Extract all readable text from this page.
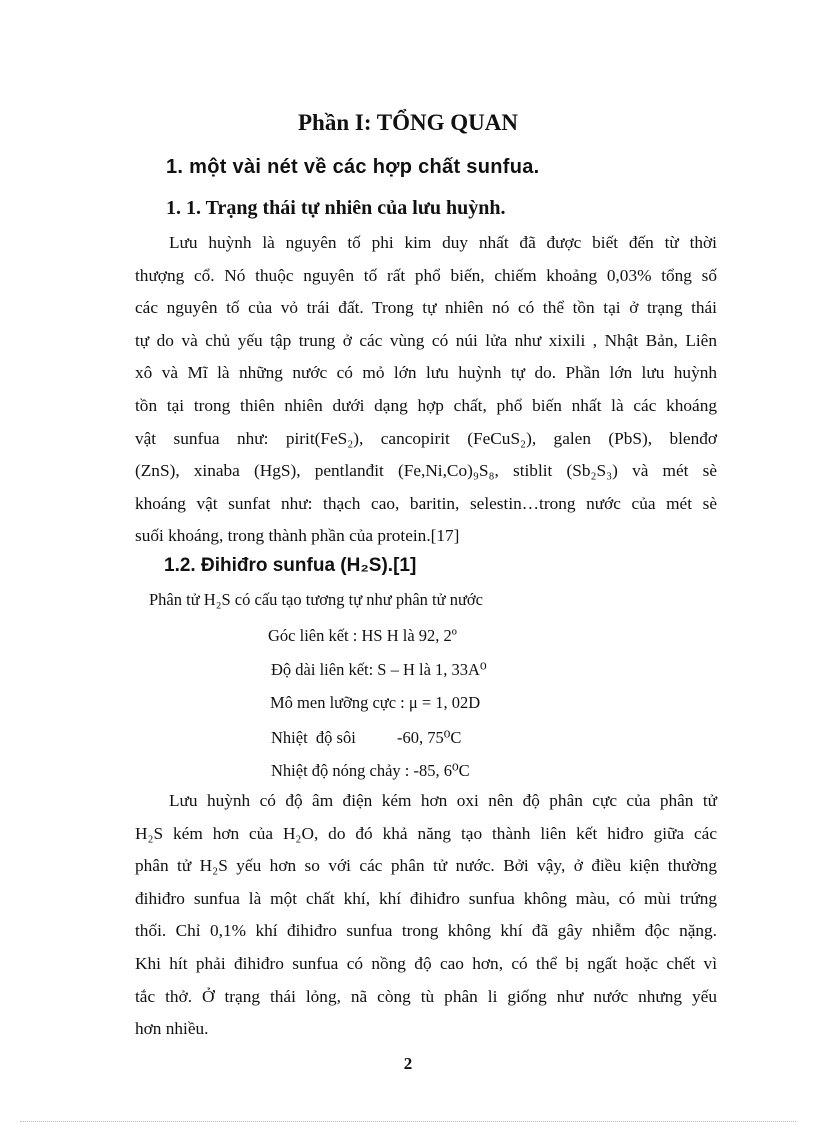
Phần I: TỔNG QUAN
1. một vài nét về các hợp chất sunfua.
1. 1. Trạng thái tự nhiên của lưu huỳnh.
Lưu huỳnh là nguyên tố phi kim duy nhất đã được biết đến từ thời
thượng cổ. Nó thuộc nguyên tố rất phổ biến, chiếm khoảng 0,03% tổng số
các nguyên tố của vỏ trái đất. Trong tự nhiên nó có thể tồn tại ở trạng thái
tự do và chủ yếu tập trung ở các vùng có núi lửa như xixili , Nhật Bản, Liên
xô và Mĩ là những nước có mỏ lớn lưu huỳnh tự do. Phần lớn lưu huỳnh
tồn tại trong thiên nhiên dưới dạng hợp chất, phổ biến nhất là các khoáng
vật sunfua như: pirit(FeS₂), cancopirit (FeCuS₂), galen (PbS), blenđơ
(ZnS), xinaba (HgS), pentlanđit (Fe,Ni,Co)₉S₈, stiblit (Sb₂S₃) và mét sè
khoáng vật sunfat như: thạch cao, baritin, selestin…trong nước của mét sè
suối khoáng, trong thành phần của protein.[17]
1.2. Đihiđro sunfua (H₂S).[1]
Phân tử H₂S có cấu tạo tương tự như phân tử nước
Góc liên kết : HS H là 92, 2º
Độ dài liên kết: S – H là 1, 33A⁰
Mô men lưỡng cực : μ = 1, 02D
Nhiệt  độ sôi          -60, 75⁰C
Nhiệt độ nóng chảy : -85, 6⁰C
Lưu huỳnh có độ âm điện kém hơn oxi nên độ phân cực của phân tử
H₂S kém hơn của H₂O, do đó khả năng tạo thành liên kết hiđro giữa các
phân tử H₂S yếu hơn so với các phân tử nước. Bởi vậy, ở điều kiện thường
đihiđro sunfua là một chất khí, khí đihiđro sunfua không màu, có mùi trứng
thối. Chỉ 0,1% khí đihiđro sunfua trong không khí đã gây nhiễm độc nặng.
Khi hít phải đihiđro sunfua có nồng độ cao hơn, có thể bị ngất hoặc chết vì
tắc thở. Ở trạng thái lỏng, nã còng tù phân li giống như nước nhưng yếu
hơn nhiều.
2
